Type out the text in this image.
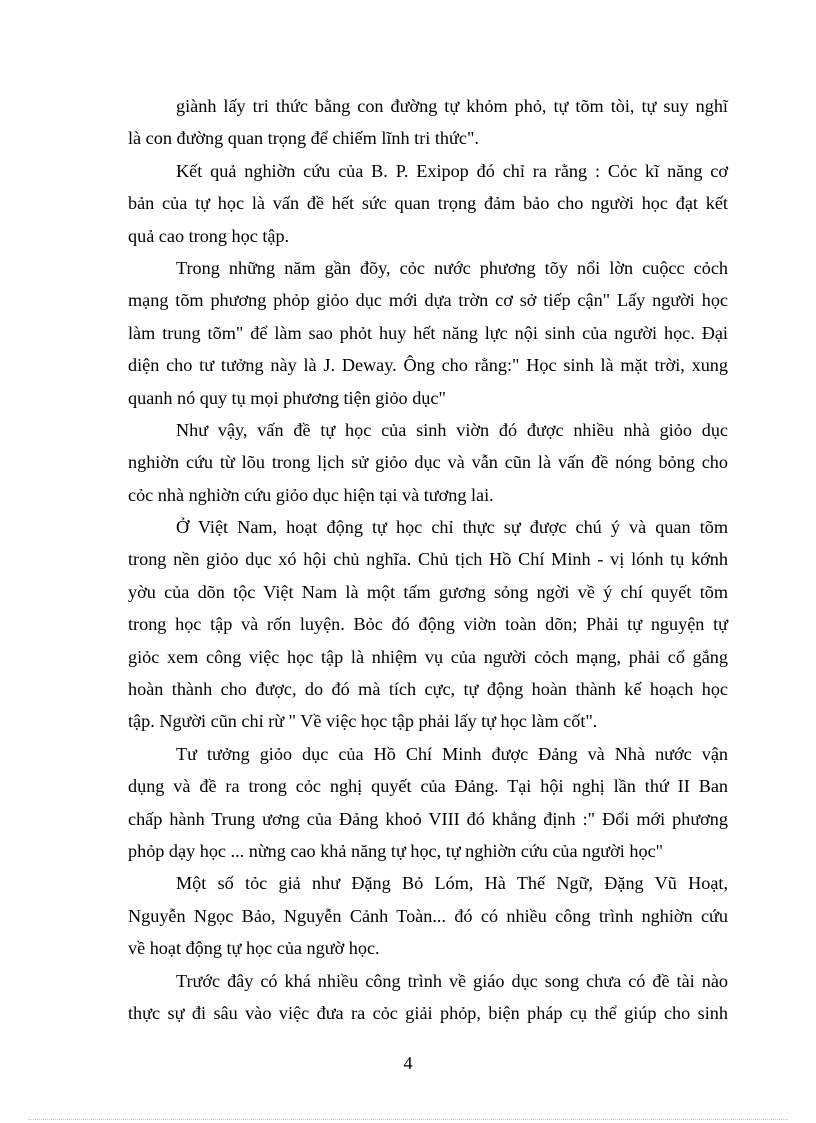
giành lấy tri thức bằng con đường tự khỏm phỏ, tự tõm tòi, tự suy nghĩ
là con đường quan trọng để chiếm lĩnh tri thức".
Kết quả nghiờn cứu của B. P. Exipop đó chỉ ra rằng : Cỏc kĩ năng cơ
bản của tự học là vấn đề hết sức quan trọng đảm bảo cho người học đạt kết
quả cao trong học tập.
Trong những năm gần đõy, cỏc nước phương tõy nổi lờn cuộcc cỏch
mạng tõm phương phỏp giỏo dục mới dựa trờn cơ sở tiếp cận" Lấy người học
làm trung tõm" để làm sao phỏt huy hết năng lực nội sinh của người học. Đại
diện cho tư tưởng này là J. Deway. Ông cho rằng:" Học sinh là mặt trời, xung
quanh nó quy tụ mọi phương tiện giỏo dục"
Như vậy, vấn đề tự học của sinh viờn đó được nhiều nhà giỏo dục
nghiờn cứu từ lõu trong lịch sử giỏo dục và vẫn cũn là vấn đề nóng bỏng cho
cỏc nhà nghiờn cứu giỏo dục hiện tại và tương lai.
Ở Việt Nam, hoạt động tự học chỉ thực sự được chú ý và quan tõm
trong nền giỏo dục xó hội chủ nghĩa. Chủ tịch Hồ Chí Minh - vị lónh tụ kớnh
yờu của dõn tộc Việt Nam là một tấm gương sỏng ngời về ý chí quyết tõm
trong học tập và rốn luyện. Bỏc đó động viờn toàn dõn; Phải tự nguyện tự
giỏc xem công việc học tập là nhiệm vụ của người cỏch mạng, phải cố gắng
hoàn thành cho được, do đó mà tích cực, tự động hoàn thành kế hoạch học
tập. Người cũn chỉ rừ " Về việc học tập phải lấy tự học làm cốt".
Tư tưởng giỏo dục của Hồ Chí Minh được Đảng và Nhà nước vận
dụng và đề ra trong cỏc nghị quyết của Đảng. Tại hội nghị lần thứ II Ban
chấp hành Trung ương của Đảng khoỏ VIII đó khẳng định :" Đổi mới phương
phỏp dạy học ... nừng cao khả năng tự học, tự nghiờn cứu của người học"
Một số tỏc giả như Đặng Bỏ Lóm, Hà Thế Ngữ, Đặng Vũ Hoạt,
Nguyễn Ngọc Bảo, Nguyễn Cảnh Toàn... đó có nhiều công trình nghiờn cứu
về hoạt động tự học của ngườ học.
Trước đây có khá nhiều công trình về giáo dục song chưa có đề tài nào
thực sự đi sâu vào việc đưa ra cỏc giải phỏp, biện pháp cụ thể giúp cho sinh
4
